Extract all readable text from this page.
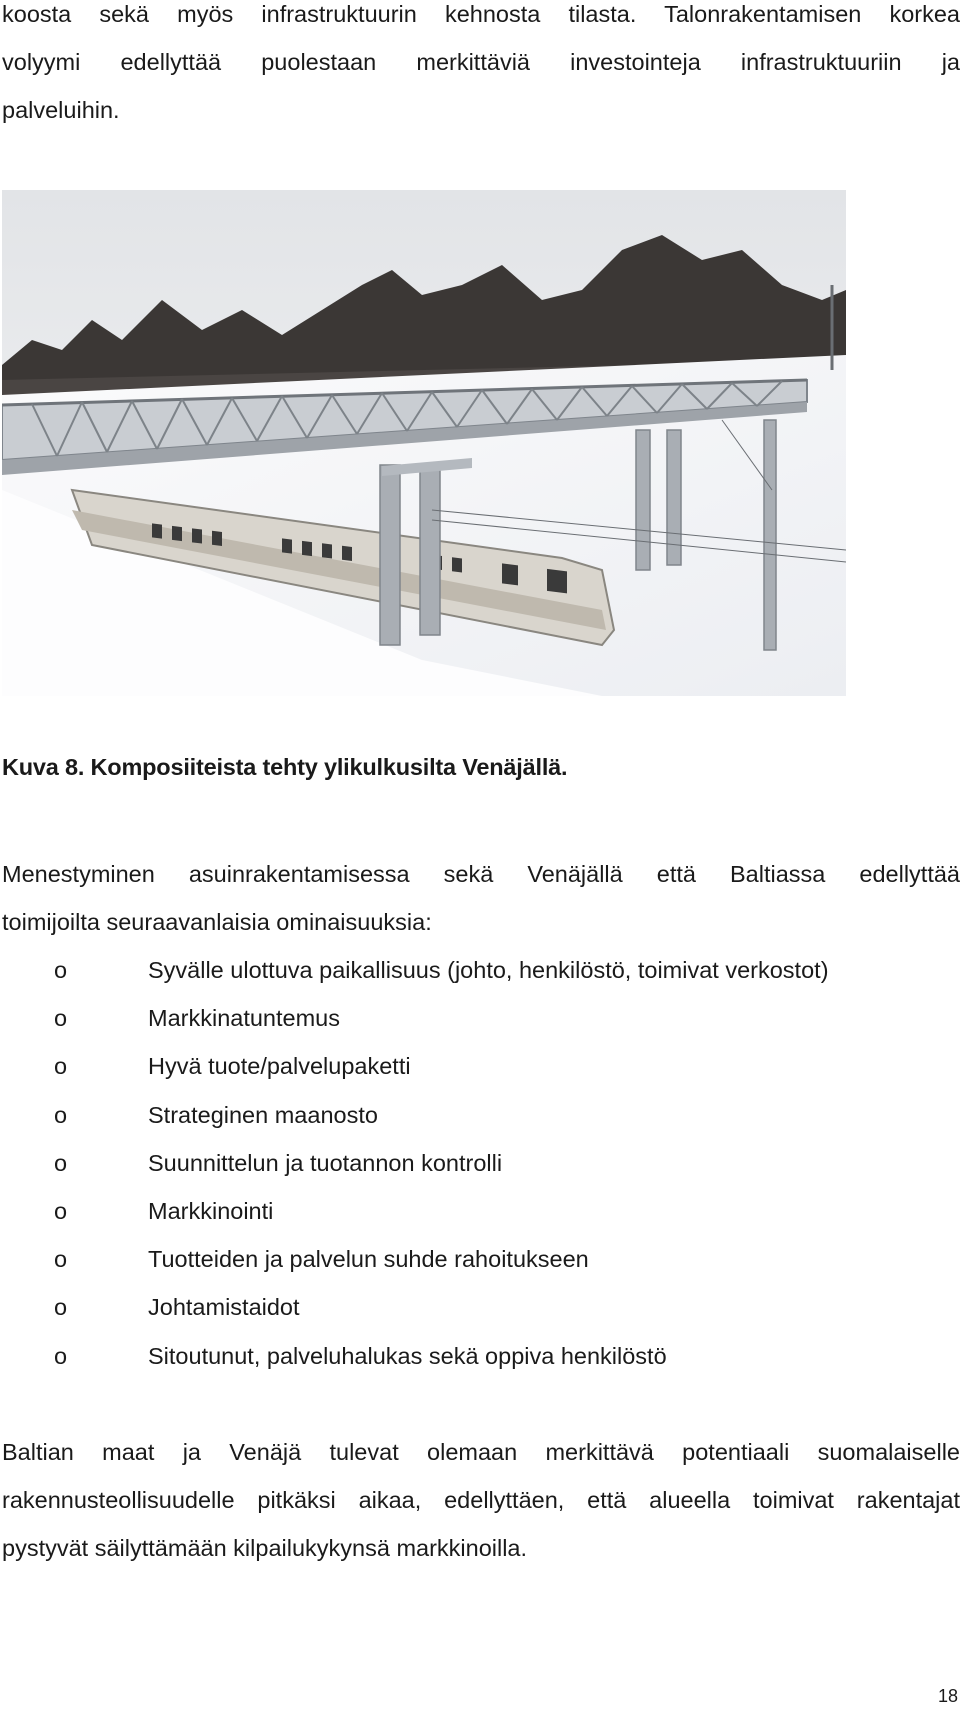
koosta sekä myös infrastruktuurin kehnosta tilasta. Talonrakentamisen korkea
volyymi edellyttää puolestaan merkittäviä investointeja infrastruktuuriin ja
palveluihin.
Kuva 8. Komposiiteista tehty ylikulkusilta Venäjällä.
Menestyminen asuinrakentamisessa sekä Venäjällä että Baltiassa edellyttää
toimijoilta seuraavanlaisia ominaisuuksia:
o	Syvälle ulottuva paikallisuus (johto, henkilöstö, toimivat verkostot)
o	Markkinatuntemus
o	Hyvä tuote/palvelupaketti
o	Strateginen maanosto
o	Suunnittelun ja tuotannon kontrolli
o	Markkinointi
o	Tuotteiden ja palvelun suhde rahoitukseen
o	Johtamistaidot
o	Sitoutunut, palveluhalukas sekä oppiva henkilöstö
Baltian maat ja Venäjä tulevat olemaan merkittävä potentiaali suomalaiselle
rakennusteollisuudelle pitkäksi aikaa, edellyttäen, että alueella toimivat rakentajat
pystyvät säilyttämään kilpailukykynsä markkinoilla.
18
